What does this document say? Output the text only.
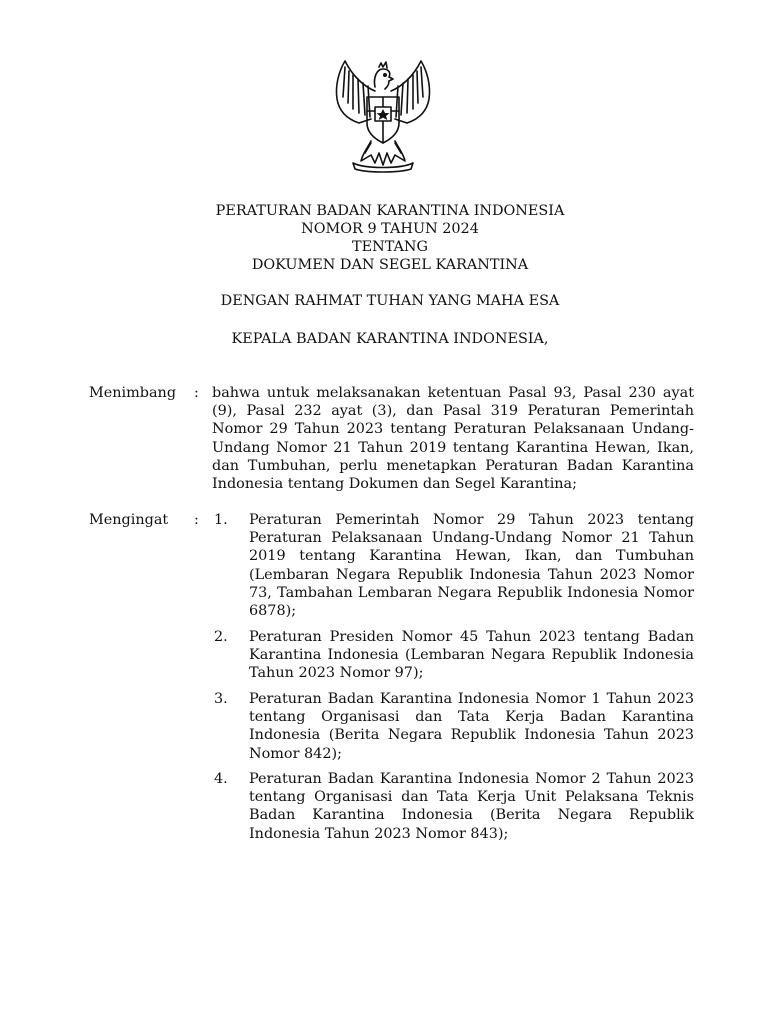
PERATURAN BADAN KARANTINA INDONESIA
NOMOR 9 TAHUN 2024
TENTANG
DOKUMEN DAN SEGEL KARANTINA
DENGAN RAHMAT TUHAN YANG MAHA ESA
KEPALA BADAN KARANTINA INDONESIA,
Menimbang : bahwa untuk melaksanakan ketentuan Pasal 93, Pasal 230 ayat (9), Pasal 232 ayat (3), dan Pasal 319 Peraturan Pemerintah Nomor 29 Tahun 2023 tentang Peraturan Pelaksanaan Undang-Undang Nomor 21 Tahun 2019 tentang Karantina Hewan, Ikan, dan Tumbuhan, perlu menetapkan Peraturan Badan Karantina Indonesia tentang Dokumen dan Segel Karantina;
Mengingat : 1. Peraturan Pemerintah Nomor 29 Tahun 2023 tentang Peraturan Pelaksanaan Undang-Undang Nomor 21 Tahun 2019 tentang Karantina Hewan, Ikan, dan Tumbuhan (Lembaran Negara Republik Indonesia Tahun 2023 Nomor 73, Tambahan Lembaran Negara Republik Indonesia Nomor 6878);
2. Peraturan Presiden Nomor 45 Tahun 2023 tentang Badan Karantina Indonesia (Lembaran Negara Republik Indonesia Tahun 2023 Nomor 97);
3. Peraturan Badan Karantina Indonesia Nomor 1 Tahun 2023 tentang Organisasi dan Tata Kerja Badan Karantina Indonesia (Berita Negara Republik Indonesia Tahun 2023 Nomor 842);
4. Peraturan Badan Karantina Indonesia Nomor 2 Tahun 2023 tentang Organisasi dan Tata Kerja Unit Pelaksana Teknis Badan Karantina Indonesia (Berita Negara Republik Indonesia Tahun 2023 Nomor 843);
